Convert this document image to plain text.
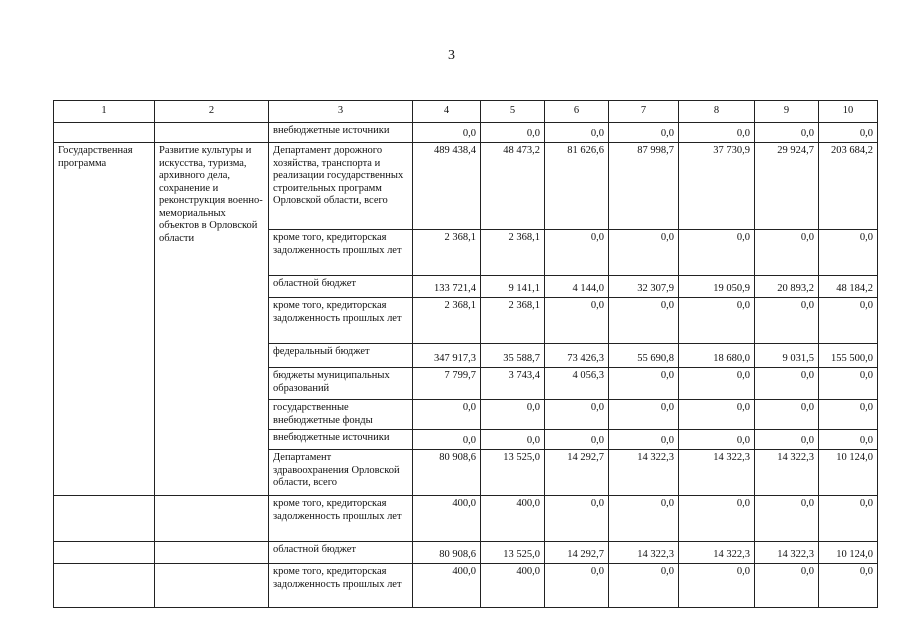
3
1	2	3	4	5	6	7	8	9	10
		внебюджетные источники	0,0	0,0	0,0	0,0	0,0	0,0	0,0
Государственная программа	Развитие культуры и искусства, туризма, архивного дела, сохранение и реконструкция военно-мемориальных объектов в Орловской области	Департамент дорожного хозяйства, транспорта и реализации государственных строительных программ Орловской области, всего	489 438,4	48 473,2	81 626,6	87 998,7	37 730,9	29 924,7	203 684,2
		кроме того, кредиторская задолженность прошлых лет	2 368,1	2 368,1	0,0	0,0	0,0	0,0	0,0
		областной бюджет	133 721,4	9 141,1	4 144,0	32 307,9	19 050,9	20 893,2	48 184,2
		кроме того, кредиторская задолженность прошлых лет	2 368,1	2 368,1	0,0	0,0	0,0	0,0	0,0
		федеральный бюджет	347 917,3	35 588,7	73 426,3	55 690,8	18 680,0	9 031,5	155 500,0
		бюджеты муниципальных образований	7 799,7	3 743,4	4 056,3	0,0	0,0	0,0	0,0
		государственные внебюджетные фонды	0,0	0,0	0,0	0,0	0,0	0,0	0,0
		внебюджетные источники	0,0	0,0	0,0	0,0	0,0	0,0	0,0
		Департамент здравоохранения Орловской области, всего	80 908,6	13 525,0	14 292,7	14 322,3	14 322,3	14 322,3	10 124,0
		кроме того, кредиторская задолженность прошлых лет	400,0	400,0	0,0	0,0	0,0	0,0	0,0
		областной бюджет	80 908,6	13 525,0	14 292,7	14 322,3	14 322,3	14 322,3	10 124,0
		кроме того, кредиторская задолженность прошлых лет	400,0	400,0	0,0	0,0	0,0	0,0	0,0
